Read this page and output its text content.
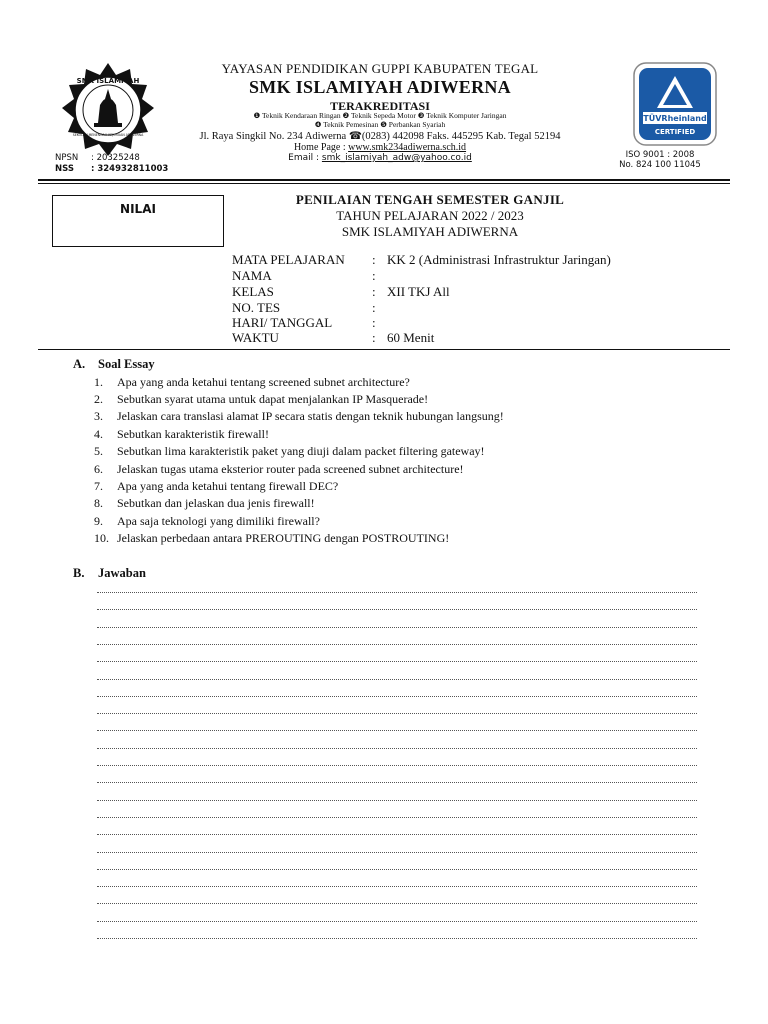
SMK ISLAMIYAH
SEKOLAH MENENGAH KEJURUAN ADIWERNA
TÜVRheinland
CERTIFIED
YAYASAN PENDIDIKAN GUPPI KABUPATEN TEGAL
SMK ISLAMIYAH ADIWERNA
TERAKREDITASI
❶ Teknik Kendaraan Ringan ❷ Teknik Sepeda Motor ❸ Teknik Komputer Jaringan
❹ Teknik Pemesinan ❺ Perbankan Syariah
Jl. Raya Singkil No. 234 Adiwerna ☎(0283) 442098 Faks. 445295 Kab. Tegal 52194
Home Page : www.smk234adiwerna.sch.id
Email : smk_islamiyah_adw@yahoo.co.id
NPSN : 20325248
NSS : 324932811003
ISO 9001 : 2008
No. 824 100 11045
NILAI
PENILAIAN TENGAH SEMESTER GANJIL
TAHUN PELAJARAN 2022 / 2023
SMK ISLAMIYAH ADIWERNA
MATA PELAJARAN : KK 2 (Administrasi Infrastruktur Jaringan)
NAMA	:
KELAS	: XII TKJ All
NO. TES	:
HARI/ TANGGAL	:
WAKTU	: 60 Menit
A. Soal Essay
1. Apa yang anda ketahui tentang screened subnet architecture?
2. Sebutkan syarat utama untuk dapat menjalankan IP Masquerade!
3. Jelaskan cara translasi alamat IP secara statis dengan teknik hubungan langsung!
4. Sebutkan karakteristik firewall!
5. Sebutkan lima karakteristik paket yang diuji dalam packet filtering gateway!
6. Jelaskan tugas utama eksterior router pada screened subnet architecture!
7. Apa yang anda ketahui tentang firewall DEC?
8. Sebutkan dan jelaskan dua jenis firewall!
9. Apa saja teknologi yang dimiliki firewall?
10. Jelaskan perbedaan antara PREROUTING dengan POSTROUTING!
B. Jawaban
